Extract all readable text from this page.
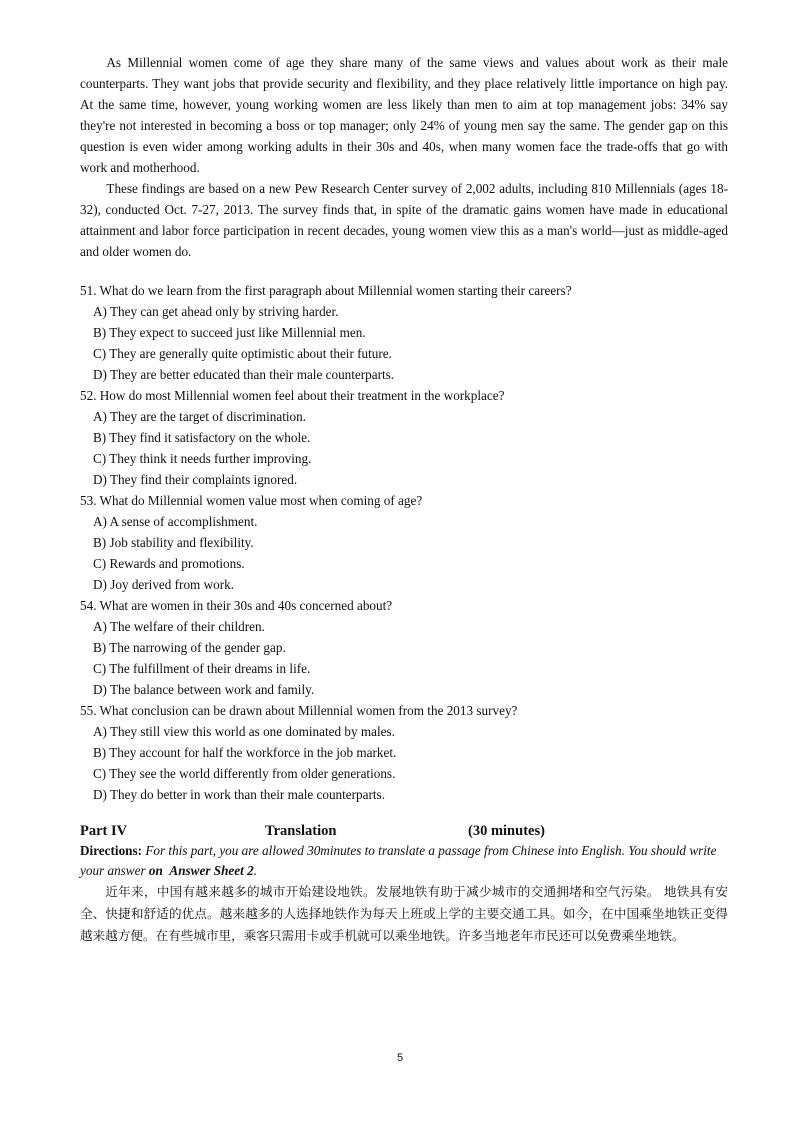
As Millennial women come of age they share many of the same views and values about work as their male counterparts. They want jobs that provide security and flexibility, and they place relatively little importance on high pay. At the same time, however, young working women are less likely than men to aim at top management jobs: 34% say they're not interested in becoming a boss or top manager; only 24% of young men say the same. The gender gap on this question is even wider among working adults in their 30s and 40s, when many women face the trade-offs that go with work and motherhood.

These findings are based on a new Pew Research Center survey of 2,002 adults, including 810 Millennials (ages 18-32), conducted Oct. 7-27, 2013. The survey finds that, in spite of the dramatic gains women have made in educational attainment and labor force participation in recent decades, young women view this as a man's world—just as middle-aged and older women do.

51. What do we learn from the first paragraph about Millennial women starting their careers?

A) They can get ahead only by striving harder.

B) They expect to succeed just like Millennial men.

C) They are generally quite optimistic about their future.

D) They are better educated than their male counterparts.

52. How do most Millennial women feel about their treatment in the workplace?

A) They are the target of discrimination.

B) They find it satisfactory on the whole.

C) They think it needs further improving.

D) They find their complaints ignored.

53. What do Millennial women value most when coming of age?

A) A sense of accomplishment.

B) Job stability and flexibility.

C) Rewards and promotions.

D) Joy derived from work.

54. What are women in their 30s and 40s concerned about?

A) The welfare of their children.

B) The narrowing of the gender gap.

C) The fulfillment of their dreams in life.

D) The balance between work and family.

55. What conclusion can be drawn about Millennial women from the 2013 survey?

A) They still view this world as one dominated by males.

B) They account for half the workforce in the job market.

C) They see the world differently from older generations.

D) They do better in work than their male counterparts.

Part IV	Translation	(30 minutes)

Directions: For this part, you are allowed 30minutes to translate a passage from Chinese into English. You should write your answer on Answer Sheet 2.

近年来，中国有越来越多的城市开始建设地铁。发展地铁有助于减少城市的交通拥堵和空气污染。 地铁具有安全、快捷和舒适的优点。越来越多的人选择地铁作为每天上班或上学的主要交通工具。如今，在中国乘坐地铁正变得越来越方便。在有些城市里，乘客只需用卡或手机就可以乘坐地铁。许多当地老年市民还可以免费乘坐地铁。

5
